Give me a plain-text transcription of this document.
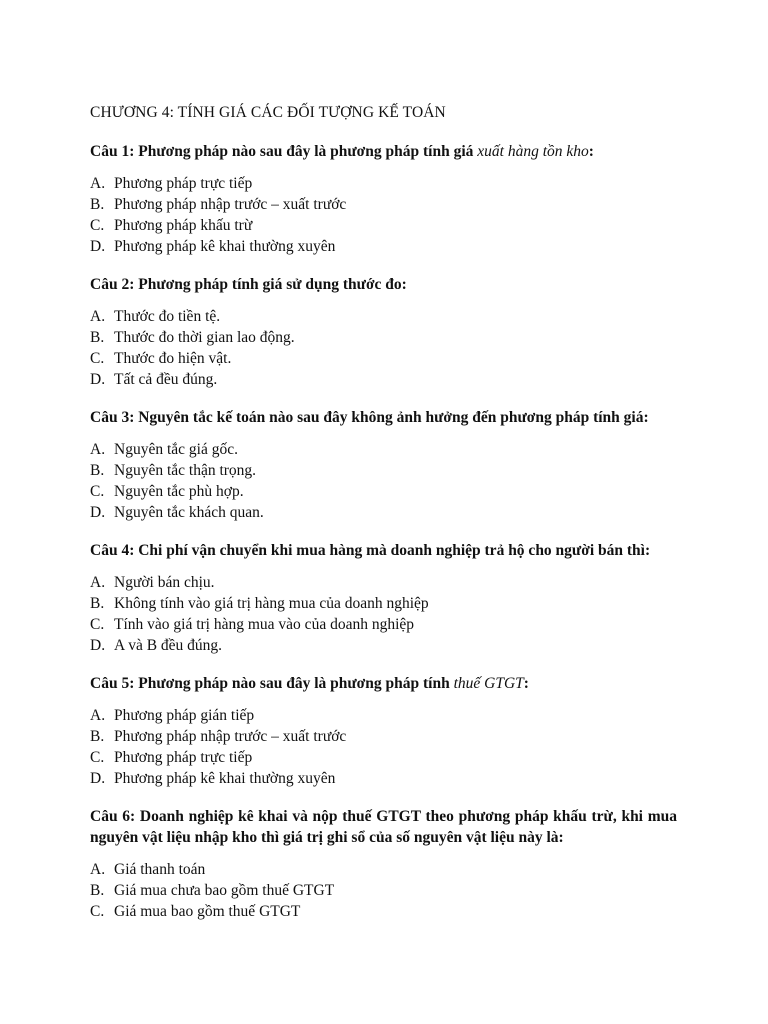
CHƯƠNG 4: TÍNH GIÁ CÁC ĐỐI TƯỢNG KẾ TOÁN
Câu 1: Phương pháp nào sau đây là phương pháp tính giá xuất hàng tồn kho:
A. Phương pháp trực tiếp
B. Phương pháp nhập trước – xuất trước
C. Phương pháp khấu trừ
D. Phương pháp kê khai thường xuyên
Câu 2: Phương pháp tính giá sử dụng thước đo:
A. Thước đo tiền tệ.
B. Thước đo thời gian lao động.
C. Thước đo hiện vật.
D. Tất cả đều đúng.
Câu 3: Nguyên tắc kế toán nào sau đây không ảnh hưởng đến phương pháp tính giá:
A. Nguyên tắc giá gốc.
B. Nguyên tắc thận trọng.
C. Nguyên tắc phù hợp.
D. Nguyên tắc khách quan.
Câu 4: Chi phí vận chuyển khi mua hàng mà doanh nghiệp trả hộ cho người bán thì:
A. Người bán chịu.
B. Không tính vào giá trị hàng mua của doanh nghiệp
C. Tính vào giá trị hàng mua vào của doanh nghiệp
D. A và B đều đúng.
Câu 5: Phương pháp nào sau đây là phương pháp tính thuế GTGT:
A. Phương pháp gián tiếp
B. Phương pháp nhập trước – xuất trước
C. Phương pháp trực tiếp
D. Phương pháp kê khai thường xuyên
Câu 6: Doanh nghiệp kê khai và nộp thuế GTGT theo phương pháp khấu trừ, khi mua nguyên vật liệu nhập kho thì giá trị ghi sổ của số nguyên vật liệu này là:
A. Giá thanh toán
B. Giá mua chưa bao gồm thuế GTGT
C. Giá mua bao gồm thuế GTGT
